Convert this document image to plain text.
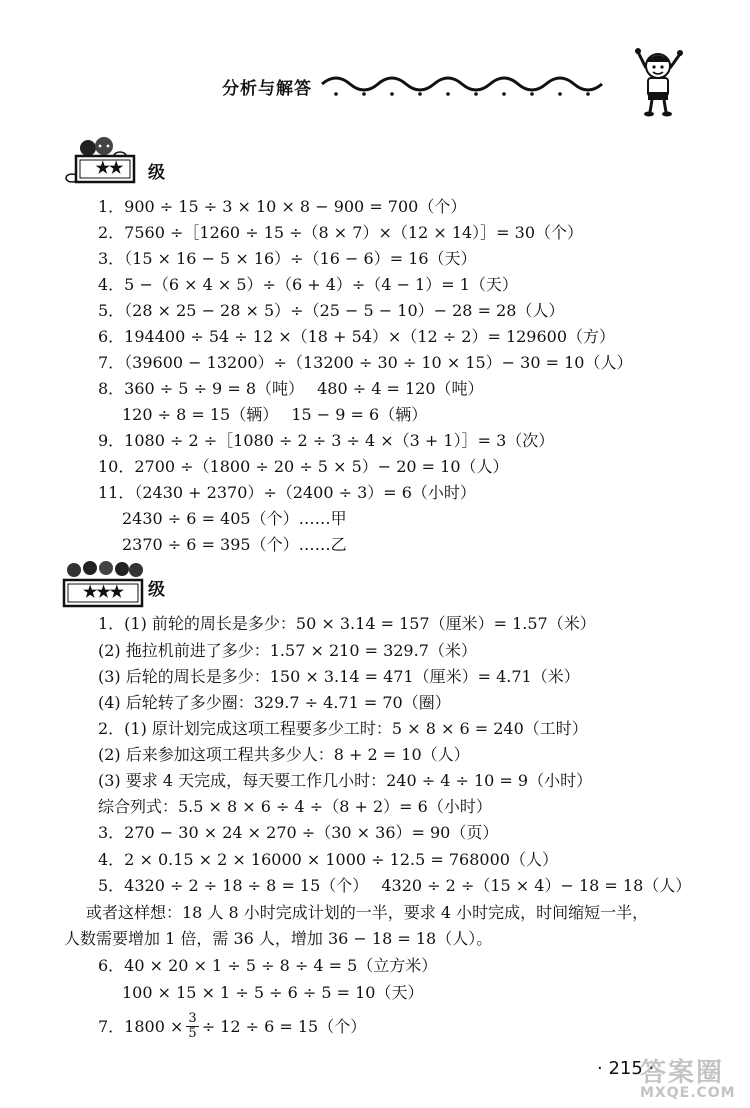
分析与解答
★★	级
1．900 ÷ 15 ÷ 3 × 10 × 8 − 900 = 700（个）
2．7560 ÷［1260 ÷ 15 ÷（8 × 7）×（12 × 14）］= 30（个）
3．（15 × 16 − 5 × 16）÷（16 − 6）= 16（天）
4．5 −（6 × 4 × 5）÷（6 + 4）÷（4 − 1）= 1（天）
5．（28 × 25 − 28 × 5）÷（25 − 5 − 10）− 28 = 28（人）
6．194400 ÷ 54 ÷ 12 ×（18 + 54）×（12 ÷ 2）= 129600（方）
7．（39600 − 13200）÷（13200 ÷ 30 ÷ 10 × 15）− 30 = 10（人）
8．360 ÷ 5 ÷ 9 = 8（吨）　 480 ÷ 4 = 120（吨）
120 ÷ 8 = 15（辆）　 15 − 9 = 6（辆）
9．1080 ÷ 2 ÷［1080 ÷ 2 ÷ 3 ÷ 4 ×（3 + 1）］= 3（次）
10．2700 ÷（1800 ÷ 20 ÷ 5 × 5）− 20 = 10（人）
11．（2430 + 2370）÷（2400 ÷ 3）= 6（小时）
2430 ÷ 6 = 405（个）……甲
2370 ÷ 6 = 395（个）……乙
★★★	级
1．(1) 前轮的周长是多少：50 × 3.14 = 157（厘米）= 1.57（米）
(2) 拖拉机前进了多少：1.57 × 210 = 329.7（米）
(3) 后轮的周长是多少：150 × 3.14 = 471（厘米）= 4.71（米）
(4) 后轮转了多少圈：329.7 ÷ 4.71 = 70（圈）
2．(1) 原计划完成这项工程要多少工时：5 × 8 × 6 = 240（工时）
(2) 后来参加这项工程共多少人：8 + 2 = 10（人）
(3) 要求 4 天完成，每天要工作几小时：240 ÷ 4 ÷ 10 = 9（小时）
综合列式：5.5 × 8 × 6 ÷ 4 ÷（8 + 2）= 6（小时）
3．270 − 30 × 24 × 270 ÷（30 × 36）= 90（页）
4．2 × 0.15 × 2 × 16000 × 1000 ÷ 12.5 = 768000（人）
5．4320 ÷ 2 ÷ 18 ÷ 8 = 15（个）　 4320 ÷ 2 ÷（15 × 4）− 18 = 18（人）
或者这样想：18 人 8 小时完成计划的一半，要求 4 小时完成，时间缩短一半，
人数需要增加 1 倍，需 36 人，增加 36 − 18 = 18（人）。
6．40 × 20 × 1 ÷ 5 ÷ 8 ÷ 4 = 5（立方米）
100 × 15 × 1 ÷ 5 ÷ 6 ÷ 5 = 10（天）
7．$1800 \times \frac{3}{5} \div 12 \div 6 = 15$（个）
· 215 ·
答案圈
MXQE.COM
